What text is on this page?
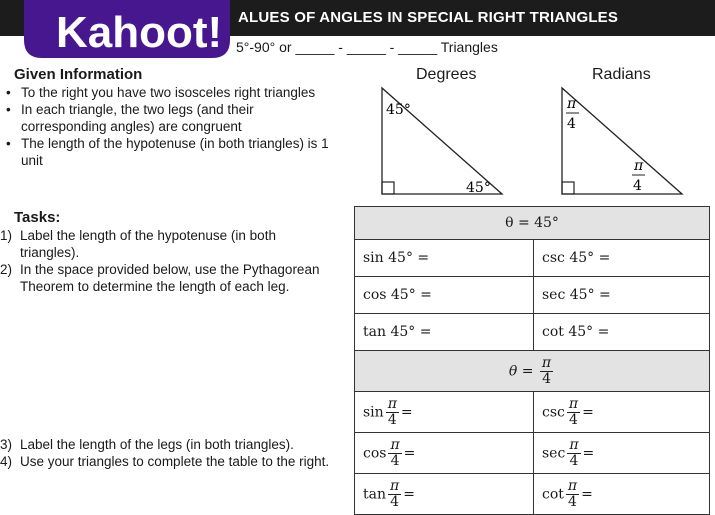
ALUES OF ANGLES IN SPECIAL RIGHT TRIANGLES
5°-90° or _____ - _____ - _____ Triangles
Kahoot!
Given Information
• To the right you have two isosceles right triangles
• In each triangle, the two legs (and their corresponding angles) are congruent
• The length of the hypotenuse (in both triangles) is 1 unit
Degrees	Radians
45°
45°
π
4
π
4
Tasks:
1) Label the length of the hypotenuse (in both triangles).
2) In the space provided below, use the Pythagorean Theorem to determine the length of each leg.
3) Label the length of the legs (in both triangles).
4) Use your triangles to complete the table to the right.
θ = 45°	
sin 45° =	csc 45° =
cos 45° =	sec 45° =
tan 45° =	cot 45° =
$\theta = \frac{\pi}{4}$

$\sin \frac{\pi}{4}$ =	$\csc \frac{\pi}{4}$ =
$\cos \frac{\pi}{4}$ =	$\sec \frac{\pi}{4}$ =
$\tan \frac{\pi}{4}$ =	$\cot \frac{\pi}{4}$ =
